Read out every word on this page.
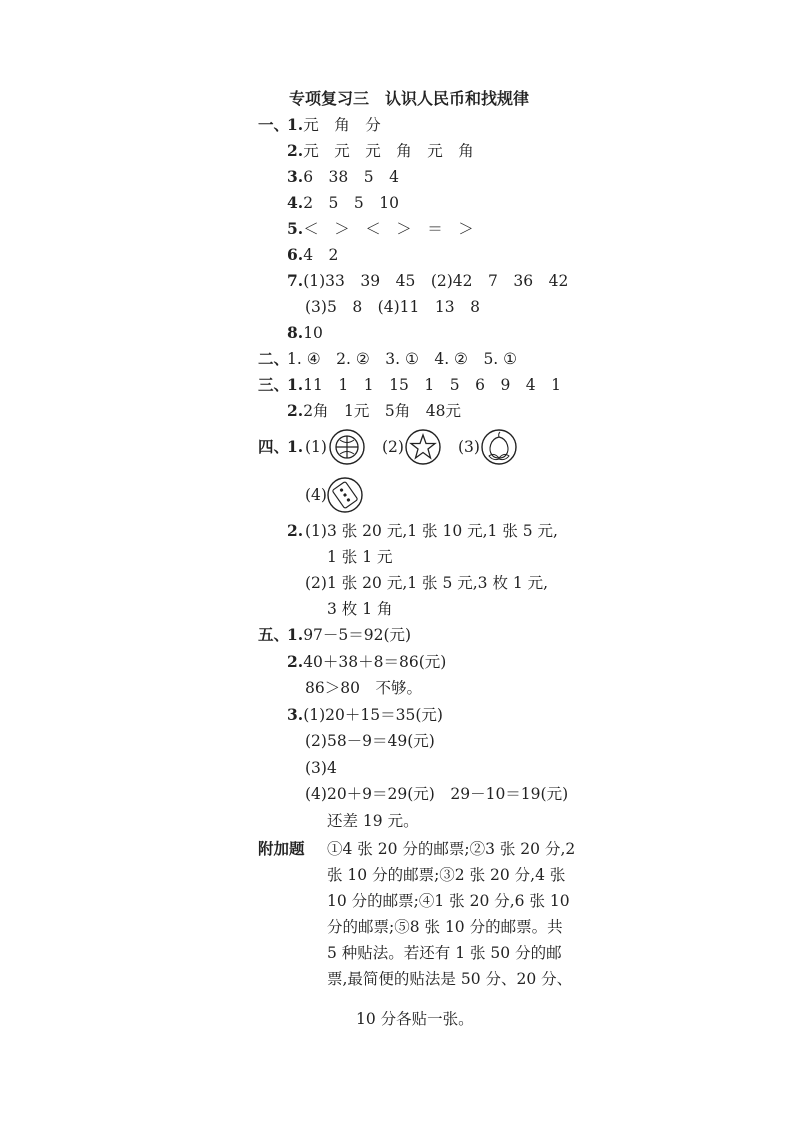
专项复习三　认识人民币和找规律
一、
1.元　角　分
2.元　元　元　角　元　角
3.6　38　5　4
4.2　5　5　10
5.＜　＞　＜　＞　＝　＞
6.4　2
7.(1)33　39　45　(2)42　7　36　42
(3)5　8　(4)11　13　8
8.10
二、
1. ④　2. ②　3. ①　4. ②　5. ①
三、
1.11　1　1　15　1　5　6　9　4　1
2.2角　1元　5角　48元
四、
1. (1)	(2)	(3)
(4)
2. (1)3 张 20 元,1 张 10 元,1 张 5 元,
1 张 1 元
(2)1 张 20 元,1 张 5 元,3 枚 1 元,
3 枚 1 角
五、
1.97－5＝92(元)
2.40＋38＋8＝86(元)
86＞80　不够。
3.(1)20＋15＝35(元)
(2)58－9＝49(元)
(3)4
(4)20＋9＝29(元)　29－10＝19(元)
还差 19 元。
附加题 ①4 张 20 分的邮票;②3 张 20 分,2
张 10 分的邮票;③2 张 20 分,4 张
10 分的邮票;④1 张 20 分,6 张 10
分的邮票;⑤8 张 10 分的邮票。共
5 种贴法。若还有 1 张 50 分的邮
票,最简便的贴法是 50 分、20 分、
10 分各贴一张。
